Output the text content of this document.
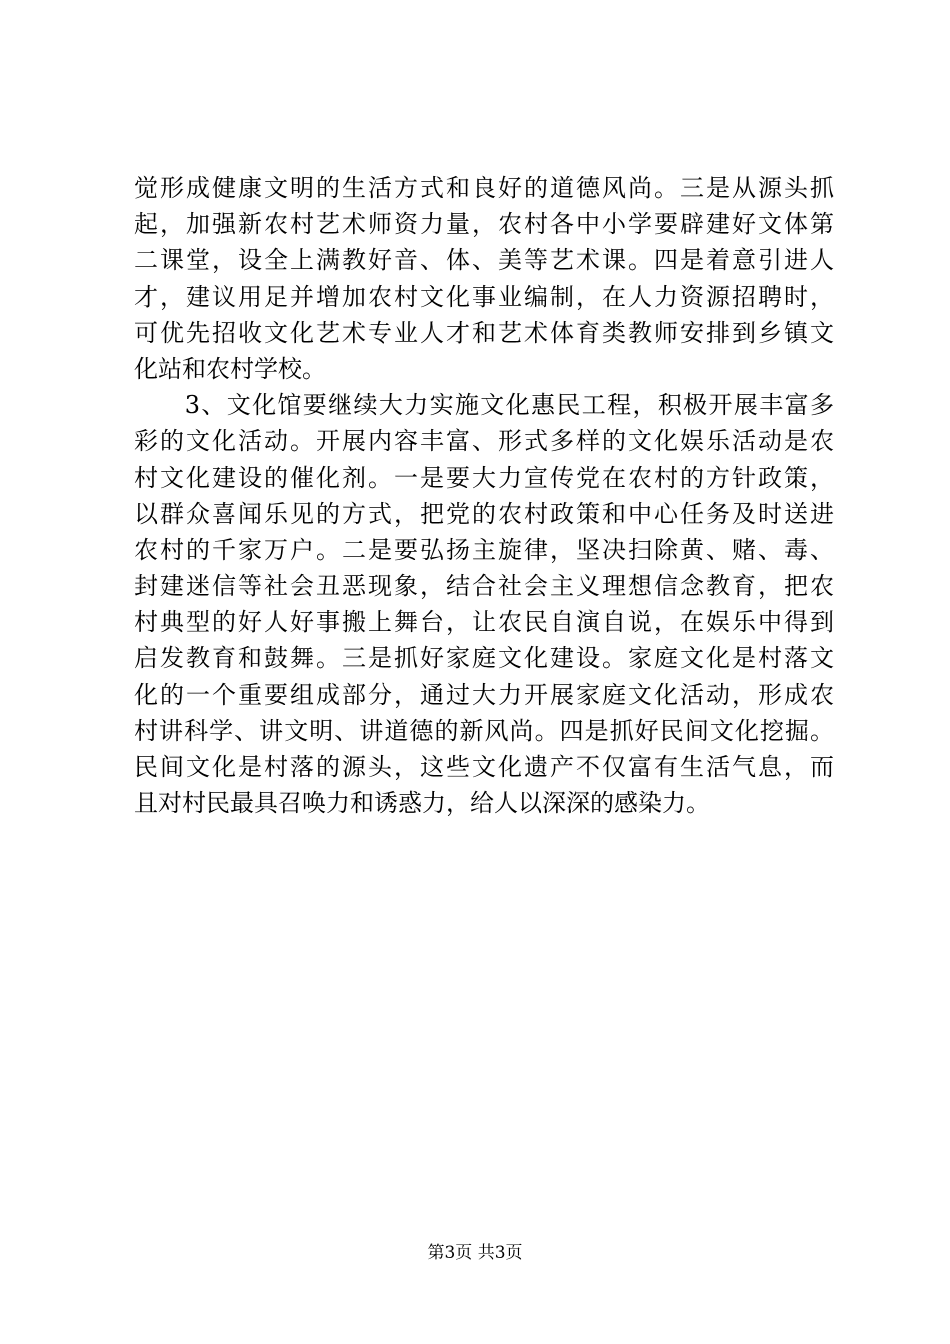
觉形成健康文明的生活方式和良好的道德风尚。三是从源头抓
起，加强新农村艺术师资力量，农村各中小学要辟建好文体第
二课堂，设全上满教好音、体、美等艺术课。四是着意引进人
才，建议用足并增加农村文化事业编制，在人力资源招聘时，
可优先招收文化艺术专业人才和艺术体育类教师安排到乡镇文
化站和农村学校。
　　3、文化馆要继续大力实施文化惠民工程，积极开展丰富多
彩的文化活动。开展内容丰富、形式多样的文化娱乐活动是农
村文化建设的催化剂。一是要大力宣传党在农村的方针政策，
以群众喜闻乐见的方式，把党的农村政策和中心任务及时送进
农村的千家万户。二是要弘扬主旋律，坚决扫除黄、赌、毒、
封建迷信等社会丑恶现象，结合社会主义理想信念教育，把农
村典型的好人好事搬上舞台，让农民自演自说，在娱乐中得到
启发教育和鼓舞。三是抓好家庭文化建设。家庭文化是村落文
化的一个重要组成部分，通过大力开展家庭文化活动，形成农
村讲科学、讲文明、讲道德的新风尚。四是抓好民间文化挖掘。
民间文化是村落的源头，这些文化遗产不仅富有生活气息，而
且对村民最具召唤力和诱惑力，给人以深深的感染力。
第3页 共3页
